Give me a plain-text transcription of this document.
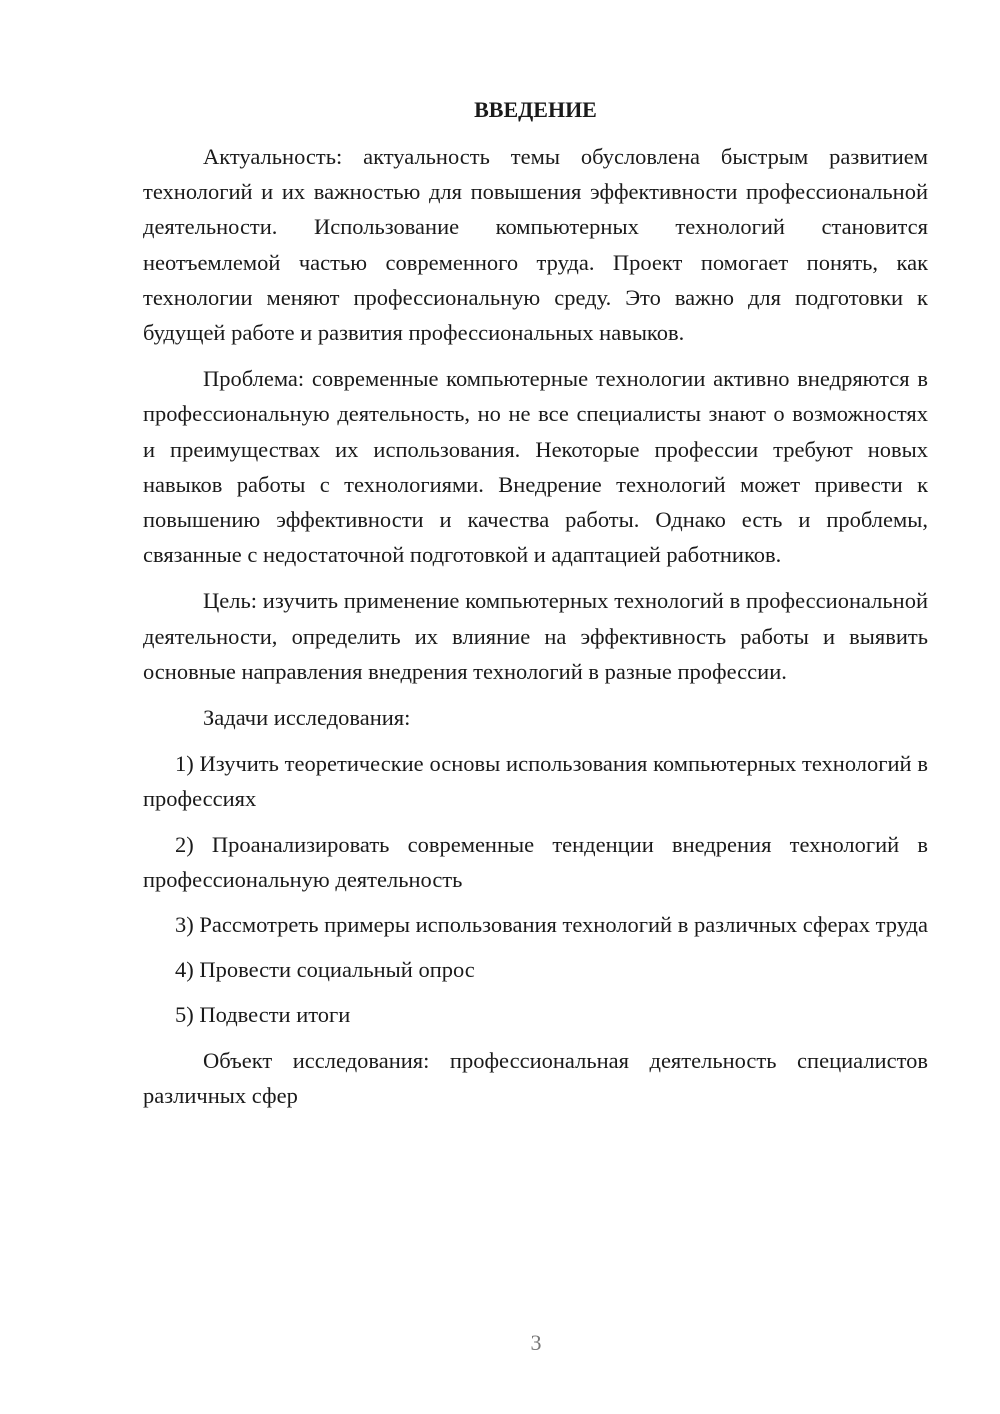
ВВЕДЕНИЕ

Актуальность: актуальность темы обусловлена быстрым развитием технологий и их важностью для повышения эффективности профессиональной деятельности. Использование компьютерных технологий становится неотъемлемой частью современного труда. Проект помогает понять, как технологии меняют профессиональную среду. Это важно для подготовки к будущей работе и развития профессиональных навыков.

Проблема: современные компьютерные технологии активно внедряются в профессиональную деятельность, но не все специалисты знают о возможностях и преимуществах их использования. Некоторые профессии требуют новых навыков работы с технологиями. Внедрение технологий может привести к повышению эффективности и качества работы. Однако есть и проблемы, связанные с недостаточной подготовкой и адаптацией работников.

Цель: изучить применение компьютерных технологий в профессиональной деятельности, определить их влияние на эффективность работы и выявить основные направления внедрения технологий в разные профессии.

Задачи исследования:

1) Изучить теоретические основы использования компьютерных технологий в профессиях

2) Проанализировать современные тенденции внедрения технологий в профессиональную деятельность

3) Рассмотреть примеры использования технологий в различных сферах труда

4) Провести социальный опрос

5) Подвести итоги

Объект исследования: профессиональная деятельность специалистов различных сфер

3
